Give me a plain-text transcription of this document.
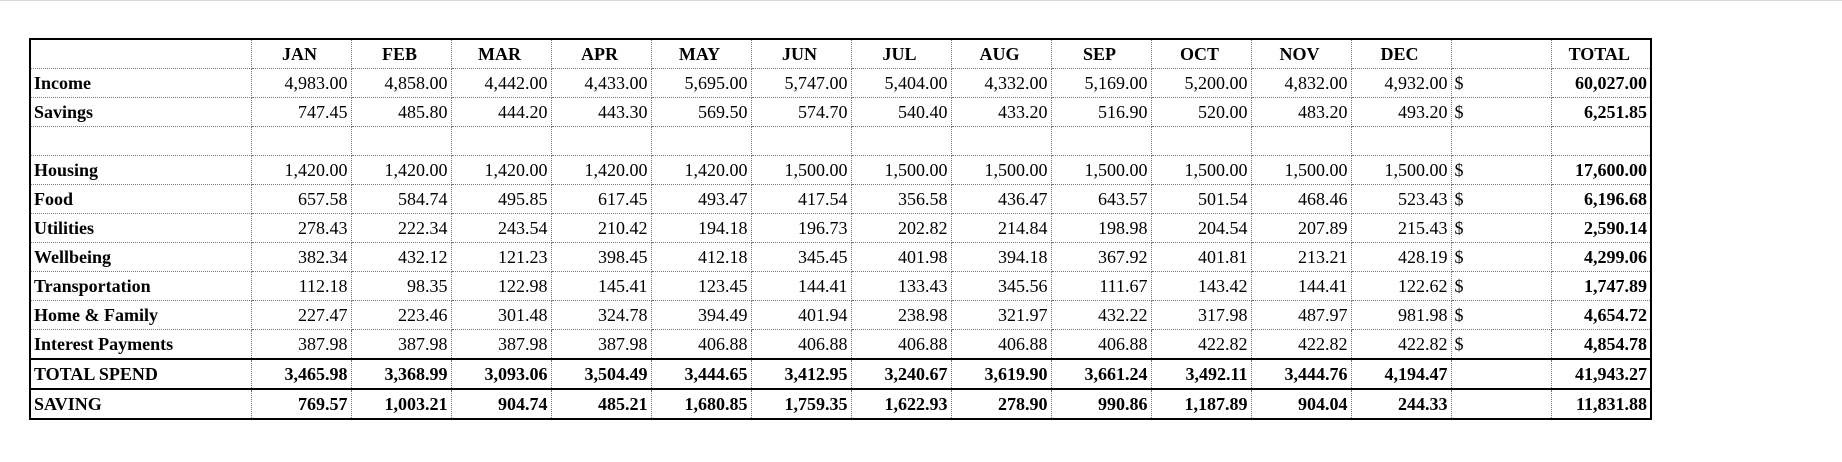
	JAN	FEB	MAR	APR	MAY	JUN	JUL	AUG	SEP	OCT	NOV	DEC		TOTAL
Income	4,983.00	4,858.00	4,442.00	4,433.00	5,695.00	5,747.00	5,404.00	4,332.00	5,169.00	5,200.00	4,832.00	4,932.00	$	60,027.00
Savings	747.45	485.80	444.20	443.30	569.50	574.70	540.40	433.20	516.90	520.00	483.20	493.20	$	6,251.85

Housing	1,420.00	1,420.00	1,420.00	1,420.00	1,420.00	1,500.00	1,500.00	1,500.00	1,500.00	1,500.00	1,500.00	1,500.00	$	17,600.00
Food	657.58	584.74	495.85	617.45	493.47	417.54	356.58	436.47	643.57	501.54	468.46	523.43	$	6,196.68
Utilities	278.43	222.34	243.54	210.42	194.18	196.73	202.82	214.84	198.98	204.54	207.89	215.43	$	2,590.14
Wellbeing	382.34	432.12	121.23	398.45	412.18	345.45	401.98	394.18	367.92	401.81	213.21	428.19	$	4,299.06
Transportation	112.18	98.35	122.98	145.41	123.45	144.41	133.43	345.56	111.67	143.42	144.41	122.62	$	1,747.89
Home & Family	227.47	223.46	301.48	324.78	394.49	401.94	238.98	321.97	432.22	317.98	487.97	981.98	$	4,654.72
Interest Payments	387.98	387.98	387.98	387.98	406.88	406.88	406.88	406.88	406.88	422.82	422.82	422.82	$	4,854.78
TOTAL SPEND	3,465.98	3,368.99	3,093.06	3,504.49	3,444.65	3,412.95	3,240.67	3,619.90	3,661.24	3,492.11	3,444.76	4,194.47		41,943.27
SAVING	769.57	1,003.21	904.74	485.21	1,680.85	1,759.35	1,622.93	278.90	990.86	1,187.89	904.04	244.33		11,831.88
